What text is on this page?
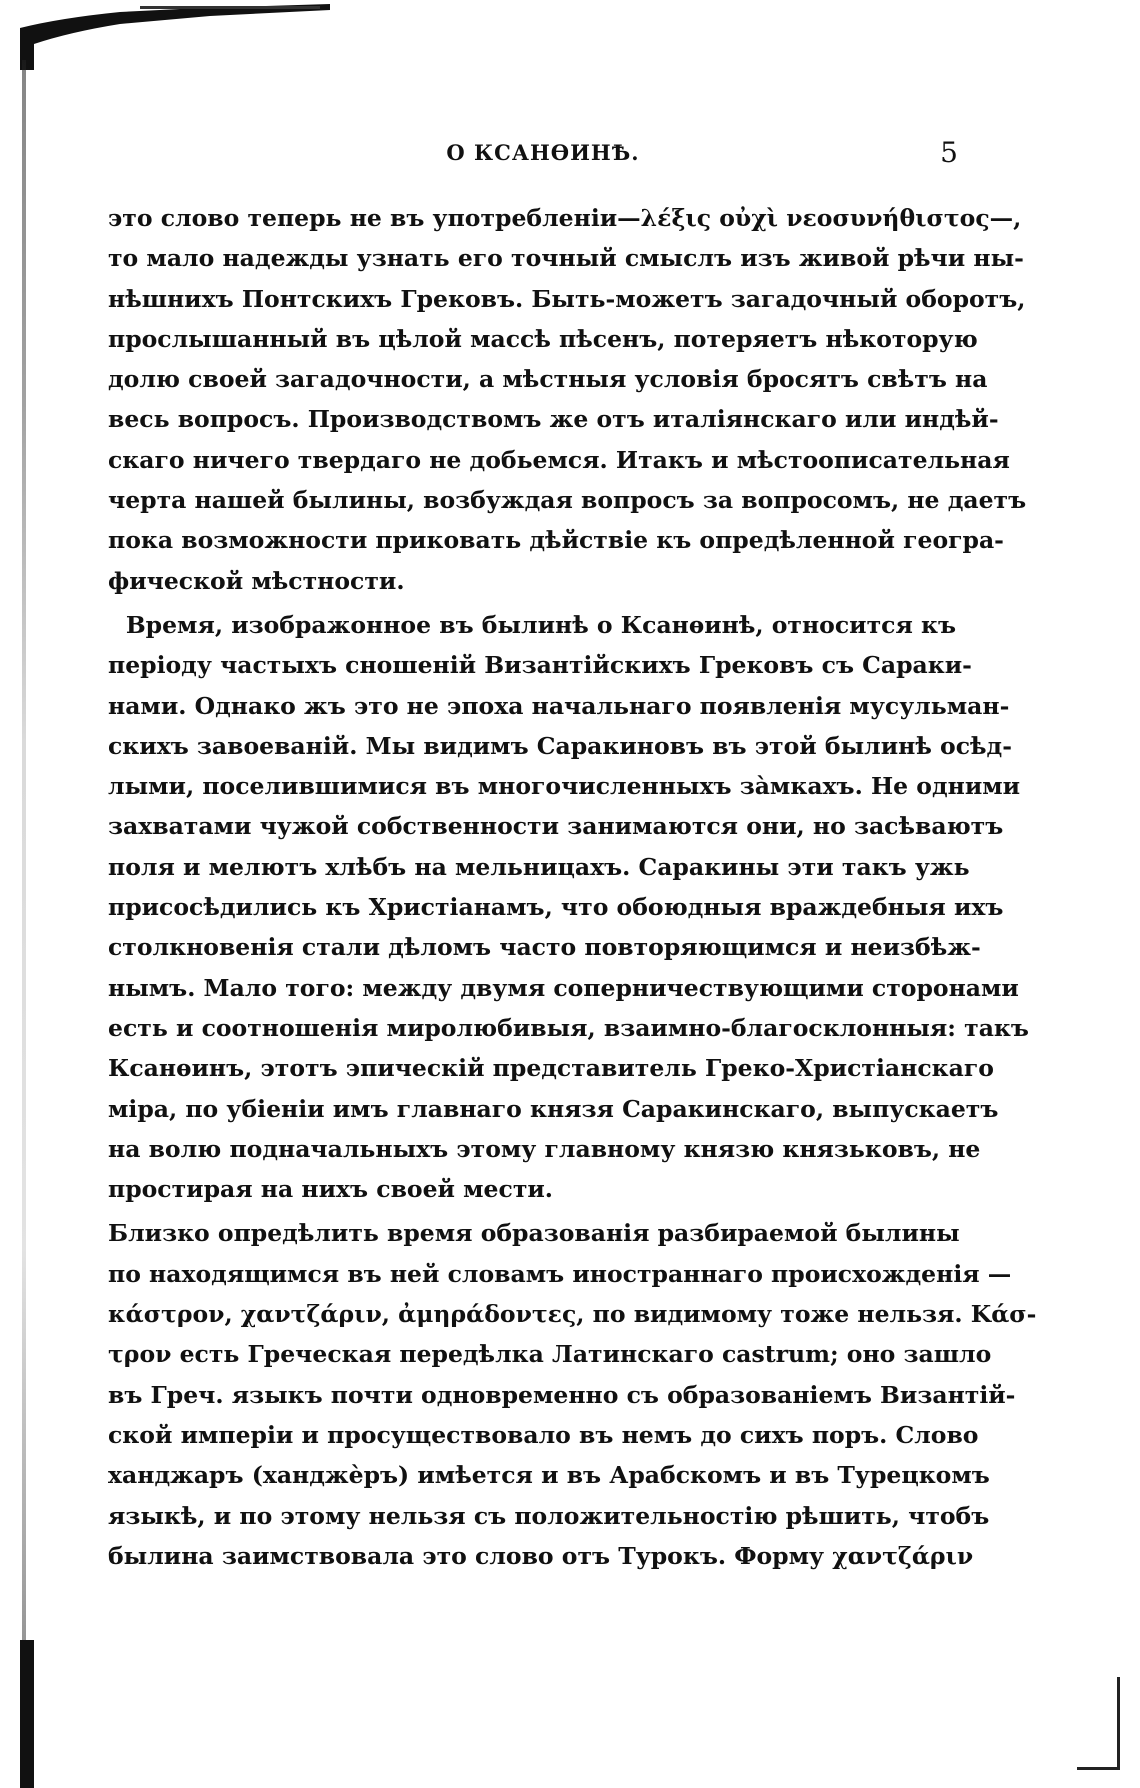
О КСАНѲИНѢ.	5
это слово теперь не въ употребленіи—λέξις οὐχὶ νεοσυνήθιστος—,
то мало надежды узнать его точный смыслъ изъ живой рѣчи ны-
нѣшнихъ Понтскихъ Грековъ. Быть-можетъ загадочный оборотъ,
прослышанный въ цѣлой массѣ пѣсенъ, потеряетъ нѣкоторую
долю своей загадочности, а мѣстныя условія бросятъ свѣтъ на
весь вопросъ. Производствомъ же отъ италіянскаго или индѣй-
скаго ничего твердаго не добьемся. Итакъ и мѣстоописательная
черта нашей былины, возбуждая вопросъ за вопросомъ, не даетъ
пока возможности приковать дѣйствіе къ опредѣленной геогра-
фической мѣстности.
Время, изображонное въ былинѣ о Ксанѳинѣ, относится къ
періоду частыхъ сношеній Византійскихъ Грековъ съ Сараки-
нами. Однако жъ это не эпоха начальнаго появленія мусульман-
скихъ завоеваній. Мы видимъ Саракиновъ въ этой былинѣ осѣд-
лыми, поселившимися въ многочисленныхъ за̀мкахъ. Не одними
захватами чужой собственности занимаются они, но засѣваютъ
поля и мелютъ хлѣбъ на мельницахъ. Саракины эти такъ ужь
присосѣдились къ Христіанамъ, что обоюдныя враждебныя ихъ
столкновенія стали дѣломъ часто повторяющимся и неизбѣж-
нымъ. Мало того: между двумя соперничествующими сторонами
есть и соотношенія миролюбивыя, взаимно-благосклонныя: такъ
Ксанѳинъ, этотъ эпическій представитель Греко-Христіанскаго
міра, по убіеніи имъ главнаго князя Саракинскаго, выпускаетъ
на волю подначальныхъ этому главному князю князьковъ, не
простирая на нихъ своей мести.
Близко опредѣлить время образованія разбираемой былины
по находящимся въ ней словамъ иностраннаго происхожденія —
κάστρον, χαντζάριν, ἀμηράδοντες, по видимому тоже нельзя. Κάσ-
τρον есть Греческая передѣлка Латинскаго castrum; оно зашло
въ Греч. языкъ почти одновременно съ образованіемъ Византій-
ской имперіи и просуществовало въ немъ до сихъ поръ. Слово
ханджаръ (ханджѐръ) имѣется и въ Арабскомъ и въ Турецкомъ
языкѣ, и по этому нельзя съ положительностію рѣшить, чтобъ
былина заимствовала это слово отъ Турокъ. Форму χαντζάριν
